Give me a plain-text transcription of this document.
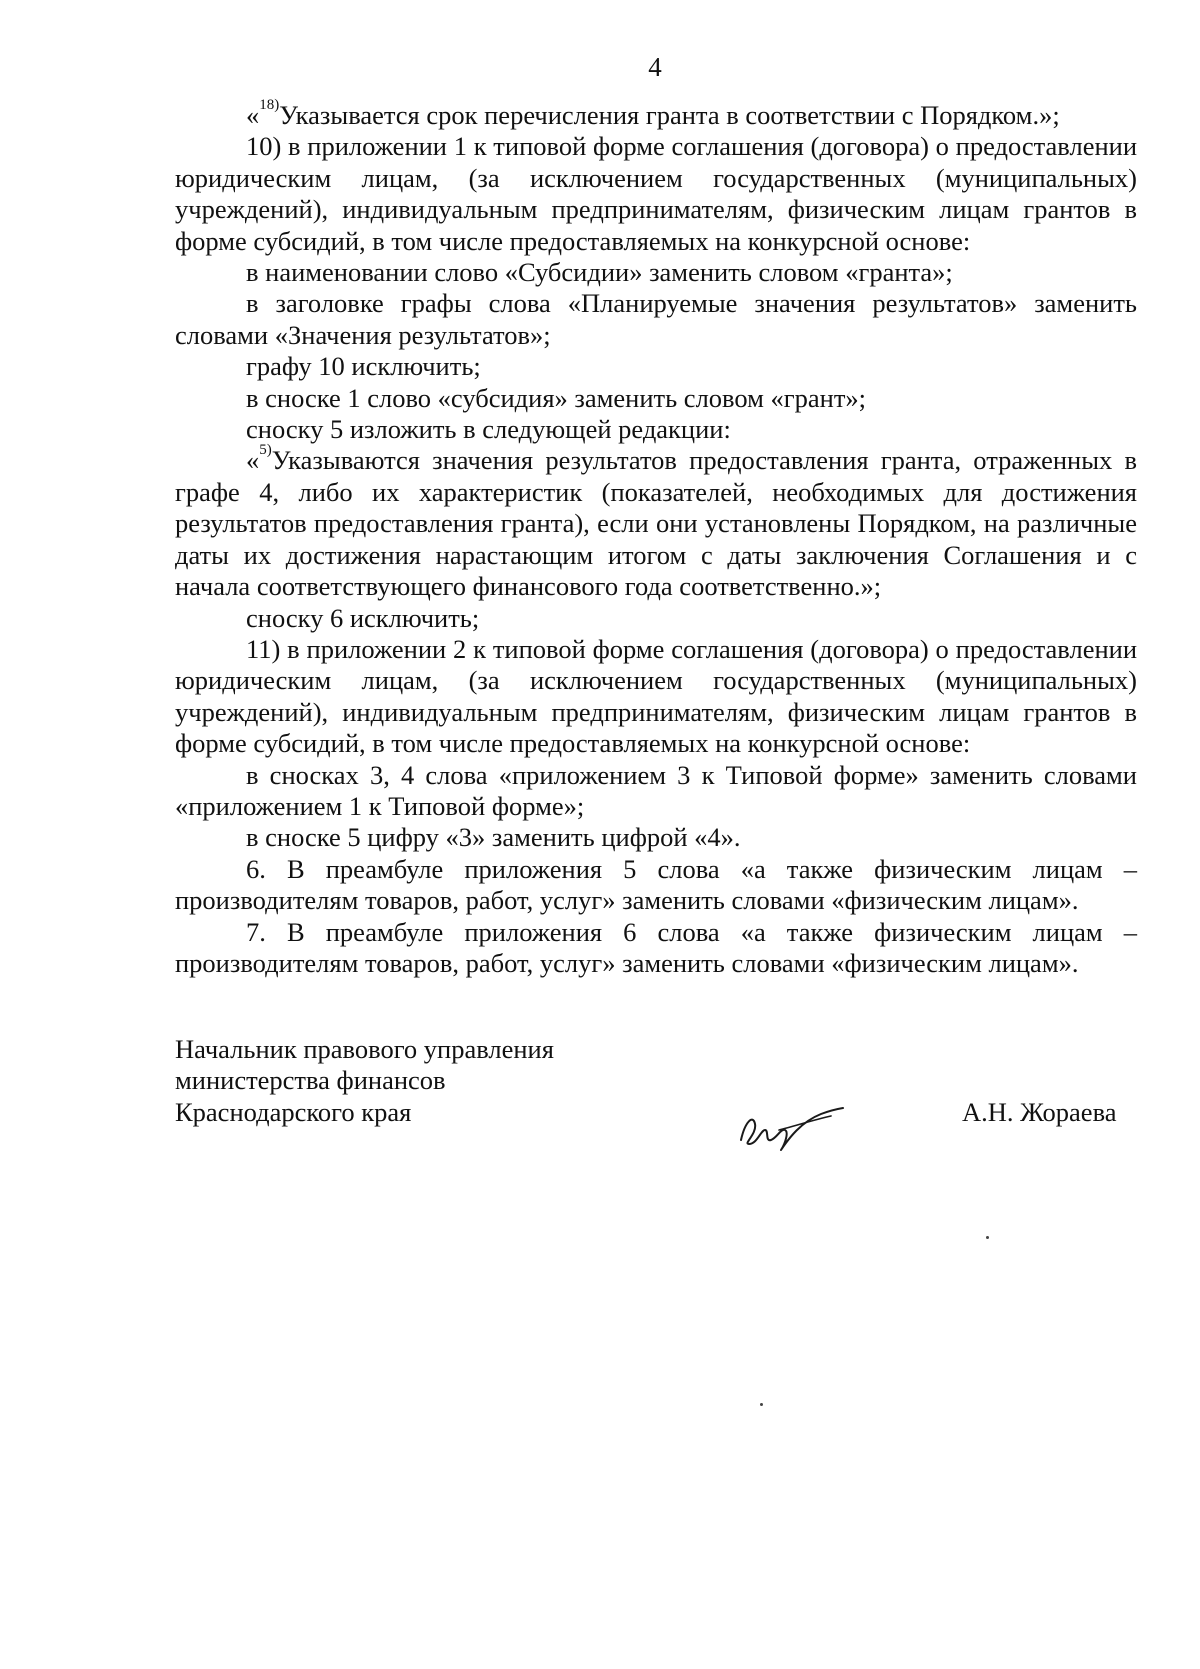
4

«$^{18)}$Указывается срок перечисления гранта в соответствии с Порядком.»;

10) в приложении 1 к типовой форме соглашения (договора) о предоставлении юридическим лицам, (за исключением государственных (муниципальных) учреждений), индивидуальным предпринимателям, физическим лицам грантов в форме субсидий, в том числе предоставляемых на конкурсной основе:

в наименовании слово «Субсидии» заменить словом «гранта»;

в заголовке графы слова «Планируемые значения результатов» заменить словами «Значения результатов»;

графу 10 исключить;

в сноске 1 слово «субсидия» заменить словом «грант»;

сноску 5 изложить в следующей редакции:

«$^{5)}$Указываются значения результатов предоставления гранта, отраженных в графе 4, либо их характеристик (показателей, необходимых для достижения результатов предоставления гранта), если они установлены Порядком, на различные даты их достижения нарастающим итогом с даты заключения Соглашения и с начала соответствующего финансового года соответственно.»;

сноску 6 исключить;

11) в приложении 2 к типовой форме соглашения (договора) о предоставлении юридическим лицам, (за исключением государственных (муниципальных) учреждений), индивидуальным предпринимателям, физическим лицам грантов в форме субсидий, в том числе предоставляемых на конкурсной основе:

в сносках 3, 4 слова «приложением 3 к Типовой форме» заменить словами «приложением 1 к Типовой форме»;

в сноске 5 цифру «3» заменить цифрой «4».

6. В преамбуле приложения 5 слова «а также физическим лицам – производителям товаров, работ, услуг» заменить словами «физическим лицам».

7. В преамбуле приложения 6 слова «а также физическим лицам – производителям товаров, работ, услуг» заменить словами «физическим лицам».

Начальник правового управления
министерства финансов
Краснодарского края	А.Н. Жораева
